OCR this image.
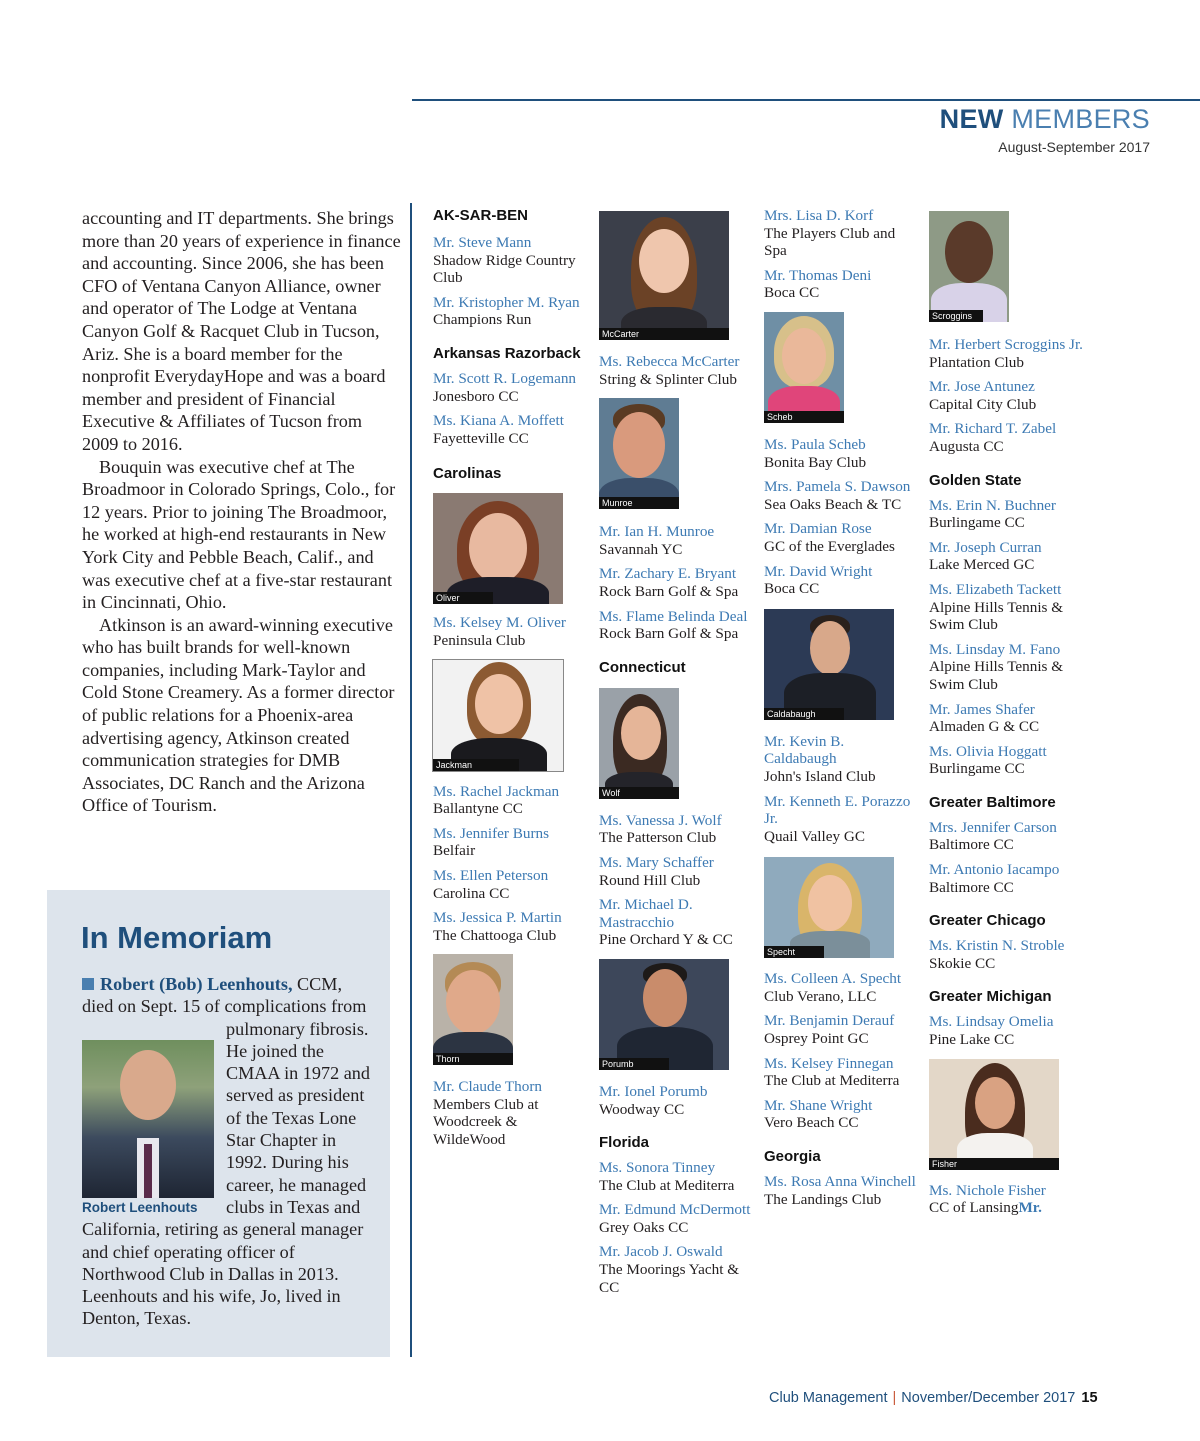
NEW MEMBERS
August-September 2017

accounting and IT departments. She brings more than 20 years of experience in finance and accounting. Since 2006, she has been CFO of Ventana Canyon Alliance, owner and operator of The Lodge at Ventana Canyon Golf & Racquet Club in Tucson, Ariz. She is a board member for the nonprofit EverydayHope and was a board member and president of Financial Executive & Affiliates of Tucson from 2009 to 2016.

Bouquin was executive chef at The Broadmoor in Colorado Springs, Colo., for 12 years. Prior to joining The Broadmoor, he worked at high-end restaurants in New York City and Pebble Beach, Calif., and was executive chef at a five-star restaurant in Cincinnati, Ohio.

Atkinson is an award-winning executive who has built brands for well-known companies, including Mark-Taylor and Cold Stone Creamery. As a former director of public relations for a Phoenix-area advertising agency, Atkinson created communication strategies for DMB Associates, DC Ranch and the Arizona Office of Tourism.

In Memoriam
Robert (Bob) Leenhouts, CCM, died on Sept. 15 of complications from
pulmonary fibrosis. He joined the CMAA in 1972 and served as president of the Texas Lone Star Chapter in 1992. During his career, he managed clubs in Texas and California, retiring as general manager and chief operating officer of Northwood Club in Dallas in 2013. Leenhouts and his wife, Jo, lived in Denton, Texas.
Robert Leenhouts
AK-SAR-BEN
Mr. Steve Mann
Shadow Ridge Country Club
Mr. Kristopher M. Ryan
Champions Run
Arkansas Razorback
Mr. Scott R. Logemann
Jonesboro CC
Ms. Kiana A. Moffett
Fayetteville CC
Carolinas
Oliver
Ms. Kelsey M. Oliver
Peninsula Club
Jackman
Ms. Rachel Jackman
Ballantyne CC
Ms. Jennifer Burns
Belfair
Ms. Ellen Peterson
Carolina CC
Ms. Jessica P. Martin
The Chattooga Club
Thorn
Mr. Claude Thorn
Members Club at Woodcreek & WildeWood
McCarter
Ms. Rebecca McCarter
String & Splinter Club
Munroe
Mr. Ian H. Munroe
Savannah YC
Mr. Zachary E. Bryant
Rock Barn Golf & Spa
Ms. Flame Belinda Deal
Rock Barn Golf & Spa
Connecticut
Wolf
Ms. Vanessa J. Wolf
The Patterson Club
Ms. Mary Schaffer
Round Hill Club
Mr. Michael D. Mastracchio
Pine Orchard Y & CC
Porumb
Mr. Ionel Porumb
Woodway CC
Florida
Ms. Sonora Tinney
The Club at Mediterra
Mr. Edmund McDermott
Grey Oaks CC
Mr. Jacob J. Oswald
The Moorings Yacht & CC
Mrs. Lisa D. Korf
The Players Club and Spa
Mr. Thomas Deni
Boca CC
Scheb
Ms. Paula Scheb
Bonita Bay Club
Mrs. Pamela S. Dawson
Sea Oaks Beach & TC
Mr. Damian Rose
GC of the Everglades
Mr. David Wright
Boca CC
Caldabaugh
Mr. Kevin B. Caldabaugh
John's Island Club
Mr. Kenneth E. Porazzo Jr.
Quail Valley GC
Specht
Ms. Colleen A. Specht
Club Verano, LLC
Mr. Benjamin Derauf
Osprey Point GC
Ms. Kelsey Finnegan
The Club at Mediterra
Mr. Shane Wright
Vero Beach CC
Georgia
Ms. Rosa Anna Winchell
The Landings Club
Scroggins
Mr. Herbert Scroggins Jr.
Plantation Club
Mr. Jose Antunez
Capital City Club
Mr. Richard T. Zabel
Augusta CC
Golden State
Ms. Erin N. Buchner
Burlingame CC
Mr. Joseph Curran
Lake Merced GC
Ms. Elizabeth Tackett
Alpine Hills Tennis & Swim Club
Ms. Linsday M. Fano
Alpine Hills Tennis & Swim Club
Mr. James Shafer
Almaden G & CC
Ms. Olivia Hoggatt
Burlingame CC
Greater Baltimore
Mrs. Jennifer Carson
Baltimore CC
Mr. Antonio Iacampo
Baltimore CC
Greater Chicago
Ms. Kristin N. Stroble
Skokie CC
Greater Michigan
Ms. Lindsay Omelia
Pine Lake CC
Fisher
Ms. Nichole Fisher
CC of LansingMr.
Club Management | November/December 2017 15
